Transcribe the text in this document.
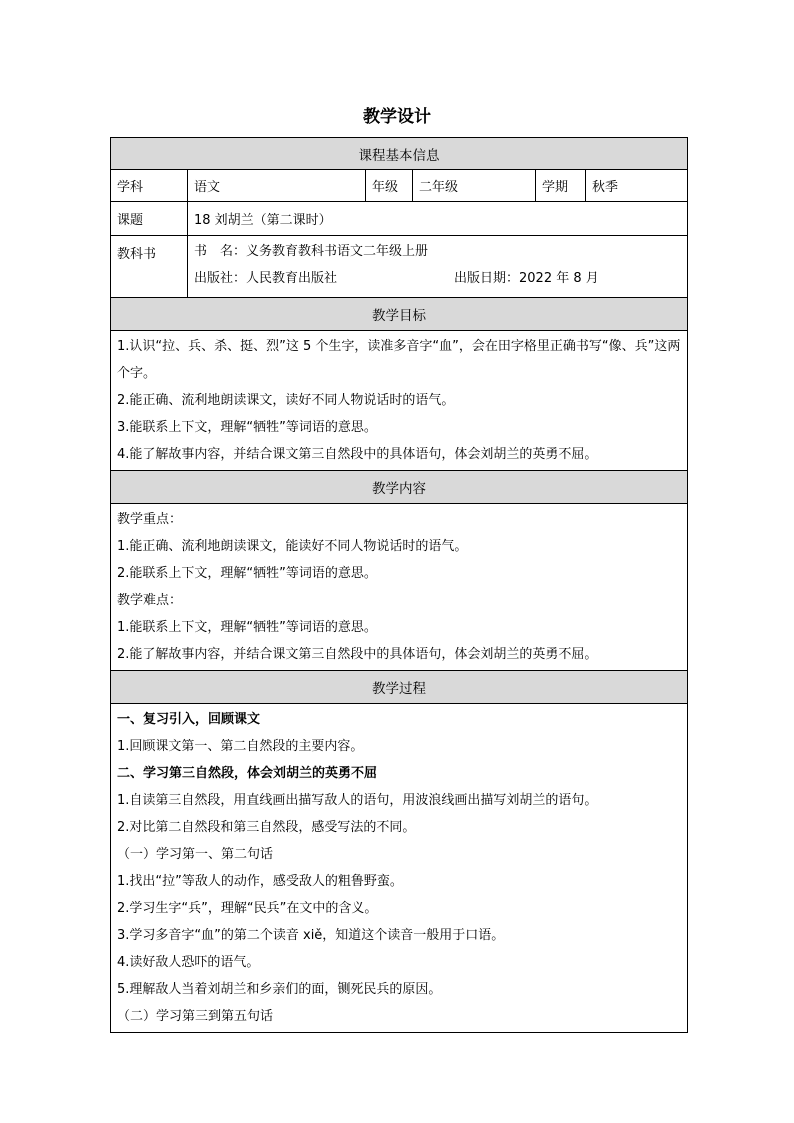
教学设计
课程基本信息
学科	语文	年级	二年级	学期	秋季
课题	18 刘胡兰（第二课时）
教科书	书　名：义务教育教科书语文二年级上册
出版社：人民教育出版社	出版日期：2022 年 8 月
教学目标
1.认识“拉、兵、杀、挺、烈”这 5 个生字，读准多音字“血”，会在田字格里正确书写“像、兵”这两个字。
2.能正确、流利地朗读课文，读好不同人物说话时的语气。
3.能联系上下文，理解“牺牲”等词语的意思。
4.能了解故事内容，并结合课文第三自然段中的具体语句，体会刘胡兰的英勇不屈。
教学内容
教学重点：
1.能正确、流利地朗读课文，能读好不同人物说话时的语气。
2.能联系上下文，理解“牺牲”等词语的意思。
教学难点：
1.能联系上下文，理解“牺牲”等词语的意思。
2.能了解故事内容，并结合课文第三自然段中的具体语句，体会刘胡兰的英勇不屈。
教学过程
一、复习引入，回顾课文
1.回顾课文第一、第二自然段的主要内容。
二、学习第三自然段，体会刘胡兰的英勇不屈
1.自读第三自然段，用直线画出描写敌人的语句，用波浪线画出描写刘胡兰的语句。
2.对比第二自然段和第三自然段，感受写法的不同。
（一）学习第一、第二句话
1.找出“拉”等敌人的动作，感受敌人的粗鲁野蛮。
2.学习生字“兵”，理解“民兵”在文中的含义。
3.学习多音字“血”的第二个读音 xiě，知道这个读音一般用于口语。
4.读好敌人恐吓的语气。
5.理解敌人当着刘胡兰和乡亲们的面，铡死民兵的原因。
（二）学习第三到第五句话
